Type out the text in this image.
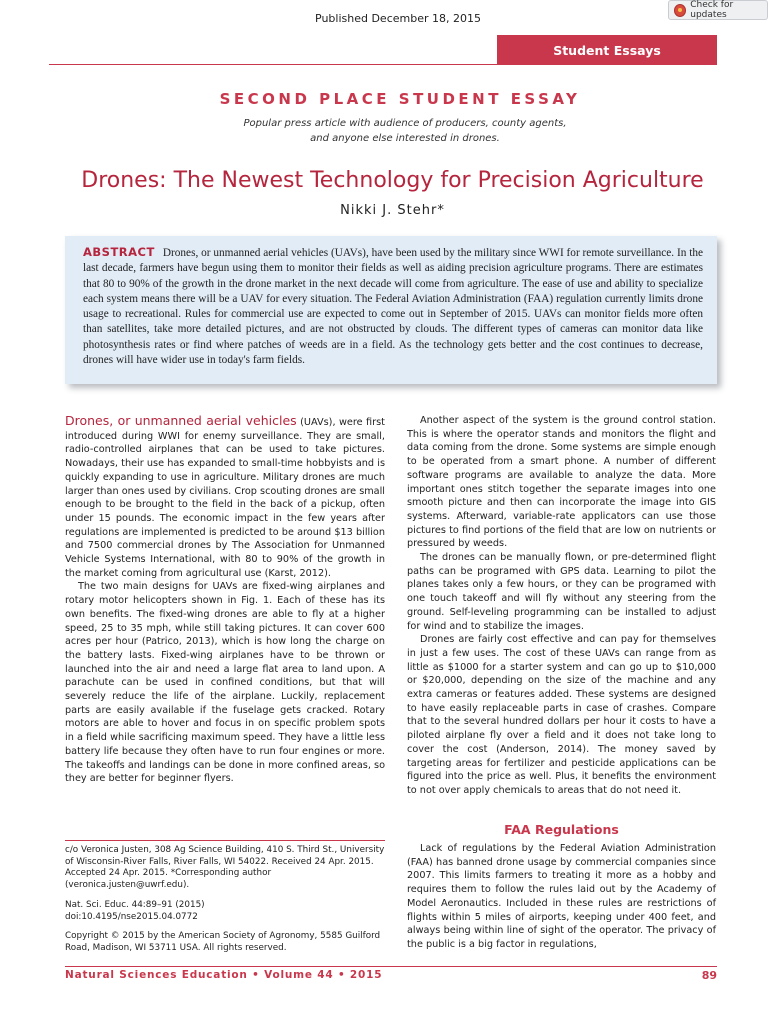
Published December 18, 2015
Check for updates
Student Essays
SECOND PLACE STUDENT ESSAY
Popular press article with audience of producers, county agents, and anyone else interested in drones.
Drones: The Newest Technology for Precision Agriculture
Nikki J. Stehr*
ABSTRACT Drones, or unmanned aerial vehicles (UAVs), have been used by the military since WWI for remote surveillance. In the last decade, farmers have begun using them to monitor their fields as well as aiding precision agriculture programs. There are estimates that 80 to 90% of the growth in the drone market in the next decade will come from agriculture. The ease of use and ability to specialize each system means there will be a UAV for every situation. The Federal Aviation Administration (FAA) regulation currently limits drone usage to recreational. Rules for commercial use are expected to come out in September of 2015. UAVs can monitor fields more often than satellites, take more detailed pictures, and are not obstructed by clouds. The different types of cameras can monitor data like photosynthesis rates or find where patches of weeds are in a field. As the technology gets better and the cost continues to decrease, drones will have wider use in today's farm fields.

Drones, or unmanned aerial vehicles (UAVs), were first introduced during WWI for enemy surveillance. They are small, radio-controlled airplanes that can be used to take pictures. Nowadays, their use has expanded to small-time hobbyists and is quickly expanding to use in agriculture. Military drones are much larger than ones used by civilians. Crop scouting drones are small enough to be brought to the field in the back of a pickup, often under 15 pounds. The economic impact in the few years after regulations are implemented is predicted to be around $13 billion and 7500 commercial drones by The Association for Unmanned Vehicle Systems International, with 80 to 90% of the growth in the market coming from agricultural use (Karst, 2012).

The two main designs for UAVs are fixed-wing airplanes and rotary motor helicopters shown in Fig. 1. Each of these has its own benefits. The fixed-wing drones are able to fly at a higher speed, 25 to 35 mph, while still taking pictures. It can cover 600 acres per hour (Patrico, 2013), which is how long the charge on the battery lasts. Fixed-wing airplanes have to be thrown or launched into the air and need a large flat area to land upon. A parachute can be used in confined conditions, but that will severely reduce the life of the airplane. Luckily, replacement parts are easily available if the fuselage gets cracked. Rotary motors are able to hover and focus in on specific problem spots in a field while sacrificing maximum speed. They have a little less battery life because they often have to run four engines or more. The takeoffs and landings can be done in more confined areas, so they are better for beginner flyers.

c/o Veronica Justen, 308 Ag Science Building, 410 S. Third St., University of Wisconsin-River Falls, River Falls, WI 54022. Received 24 Apr. 2015. Accepted 24 Apr. 2015. *Corresponding author (veronica.justen@uwrf.edu).

Nat. Sci. Educ. 44:89–91 (2015)
doi:10.4195/nse2015.04.0772

Copyright © 2015 by the American Society of Agronomy, 5585 Guilford Road, Madison, WI 53711 USA. All rights reserved.

Another aspect of the system is the ground control station. This is where the operator stands and monitors the flight and data coming from the drone. Some systems are simple enough to be operated from a smart phone. A number of different software programs are available to analyze the data. More important ones stitch together the separate images into one smooth picture and then can incorporate the image into GIS systems. Afterward, variable-rate applicators can use those pictures to find portions of the field that are low on nutrients or pressured by weeds.

The drones can be manually flown, or pre-determined flight paths can be programed with GPS data. Learning to pilot the planes takes only a few hours, or they can be programed with one touch takeoff and will fly without any steering from the ground. Self-leveling programming can be installed to adjust for wind and to stabilize the images.

Drones are fairly cost effective and can pay for themselves in just a few uses. The cost of these UAVs can range from as little as $1000 for a starter system and can go up to $10,000 or $20,000, depending on the size of the machine and any extra cameras or features added. These systems are designed to have easily replaceable parts in case of crashes. Compare that to the several hundred dollars per hour it costs to have a piloted airplane fly over a field and it does not take long to cover the cost (Anderson, 2014). The money saved by targeting areas for fertilizer and pesticide applications can be figured into the price as well. Plus, it benefits the environment to not over apply chemicals to areas that do not need it.

FAA Regulations

Lack of regulations by the Federal Aviation Administration (FAA) has banned drone usage by commercial companies since 2007. This limits farmers to treating it more as a hobby and requires them to follow the rules laid out by the Academy of Model Aeronautics. Included in these rules are restrictions of flights within 5 miles of airports, keeping under 400 feet, and always being within line of sight of the operator. The privacy of the public is a big factor in regulations,

Natural Sciences Education • Volume 44 • 2015	89
